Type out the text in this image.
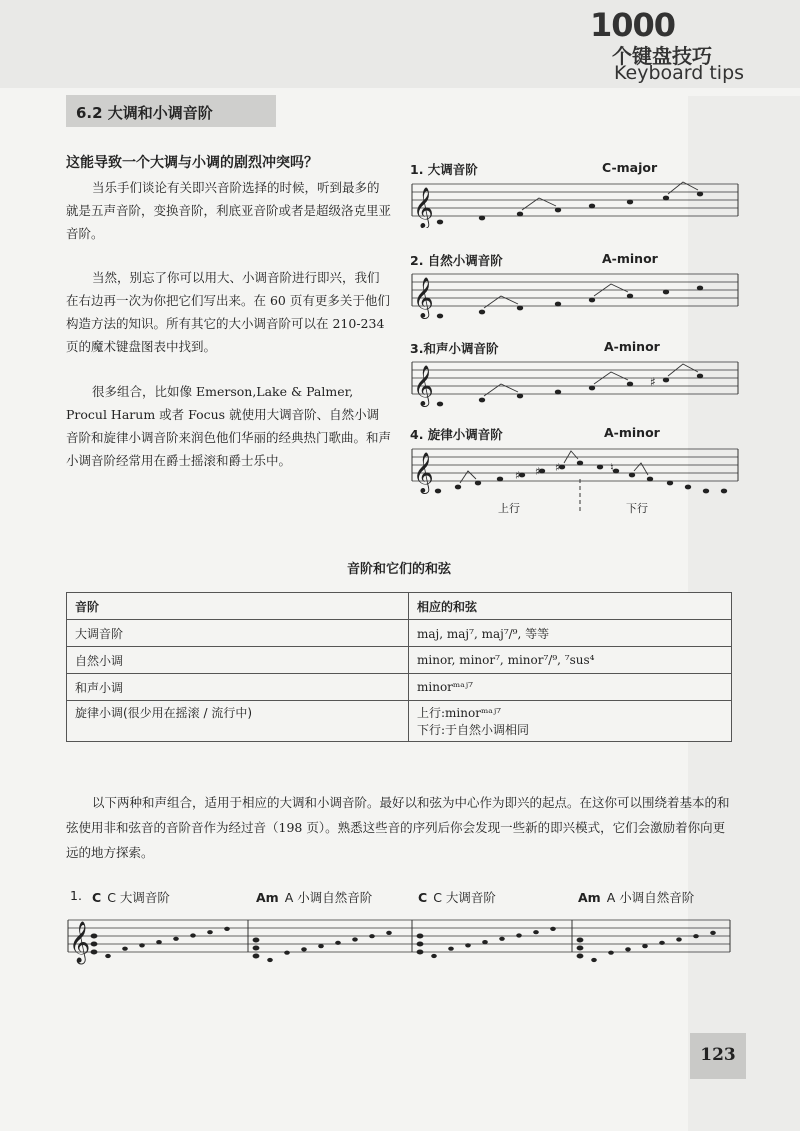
1000
个键盘技巧
Keyboard tips
6.2 大调和小调音阶
这能导致一个大调与小调的剧烈冲突吗？
当乐手们谈论有关即兴音阶选择的时候，听到最多的就是五声音阶，变换音阶，利底亚音阶或者是超级洛克里亚音阶。
当然，别忘了你可以用大、小调音阶进行即兴，我们在右边再一次为你把它们写出来。在 60 页有更多关于他们构造方法的知识。所有其它的大小调音阶可以在 210-234 页的魔术键盘图表中找到。
很多组合，比如像 Emerson,Lake & Palmer, Procul Harum 或者 Focus 就使用大调音阶、自然小调音阶和旋律小调音阶来润色他们华丽的经典热门歌曲。和声小调音阶经常用在爵士摇滚和爵士乐中。
1. 大调音阶	C-major
2. 自然小调音阶	A-minor
3.和声小调音阶	A-minor
4. 旋律小调音阶	A-minor
𝄞
𝄞
𝄞	♯
𝄞	♯ ♯ ♯	♮
上行	下行
音阶和它们的和弦
音阶	相应的和弦
大调音阶	maj, maj⁷, maj⁷/⁹, 等等
自然小调	minor, minor⁷, minor⁷/⁹, ⁷sus⁴
和声小调	minorᵐᵃʲ⁷
旋律小调(很少用在摇滚 / 流行中)	上行:minorᵐᵃʲ⁷
下行:于自然小调相同
以下两种和声组合，适用于相应的大调和小调音阶。最好以和弦为中心作为即兴的起点。在这你可以围绕着基本的和弦使用非和弦音的音阶音作为经过音（198 页）。熟悉这些音的序列后你会发现一些新的即兴模式，它们会激励着你向更远的地方探索。
1. C C 大调音阶	Am A 小调自然音阶	C C 大调音阶	Am A 小调自然音阶
𝄞
123
